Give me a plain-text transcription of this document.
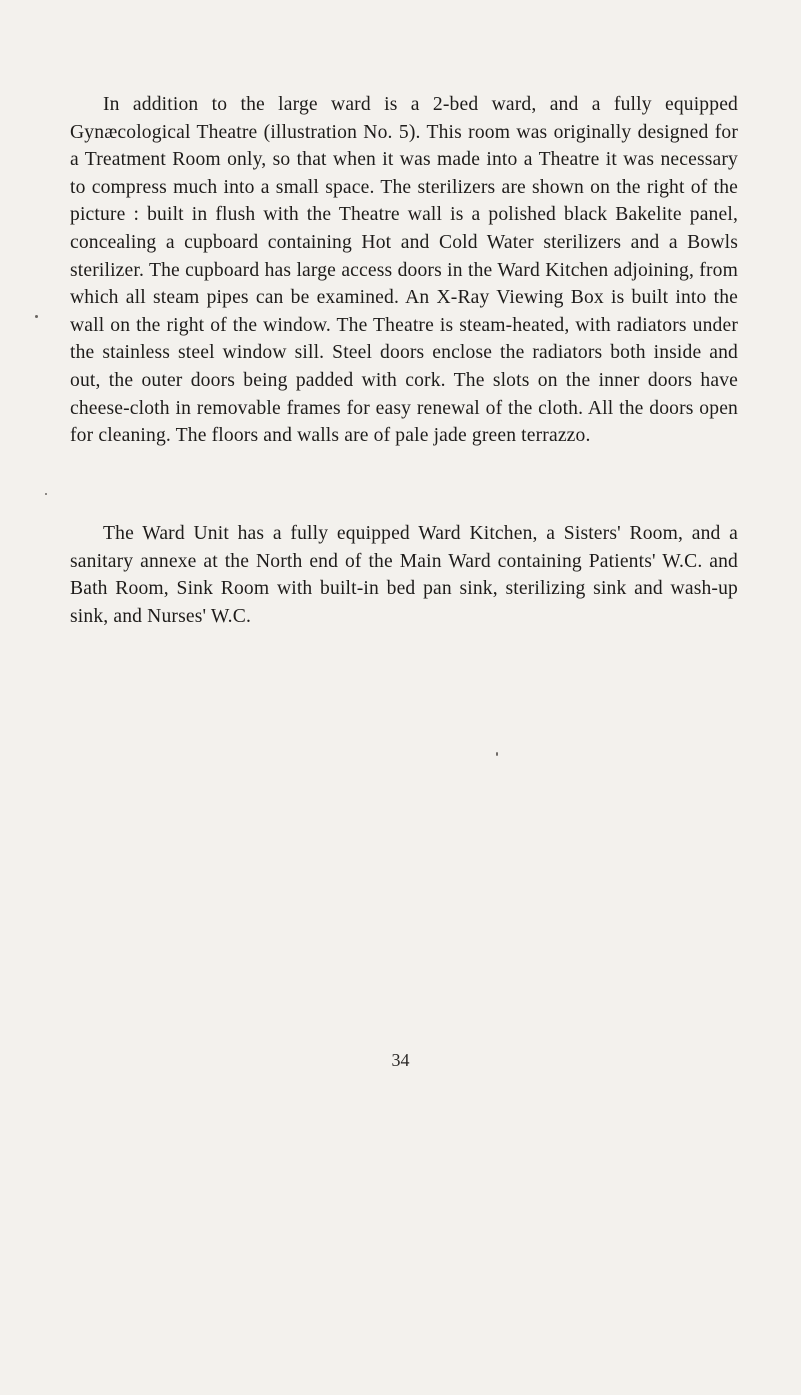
In addition to the large ward is a 2-bed ward, and a fully equipped Gynæcological Theatre (illustration No. 5). This room was originally designed for a Treatment Room only, so that when it was made into a Theatre it was necessary to compress much into a small space. The sterilizers are shown on the right of the picture : built in flush with the Theatre wall is a polished black Bakelite panel, concealing a cupboard containing Hot and Cold Water sterilizers and a Bowls sterilizer. The cupboard has large access doors in the Ward Kitchen adjoining, from which all steam pipes can be examined. An X-Ray Viewing Box is built into the wall on the right of the window. The Theatre is steam-heated, with radiators under the stainless steel window sill. Steel doors enclose the radiators both inside and out, the outer doors being padded with cork. The slots on the inner doors have cheese-cloth in removable frames for easy renewal of the cloth. All the doors open for cleaning. The floors and walls are of pale jade green terrazzo.

The Ward Unit has a fully equipped Ward Kitchen, a Sisters' Room, and a sanitary annexe at the North end of the Main Ward containing Patients' W.C. and Bath Room, Sink Room with built-in bed pan sink, sterilizing sink and wash-up sink, and Nurses' W.C.

34
